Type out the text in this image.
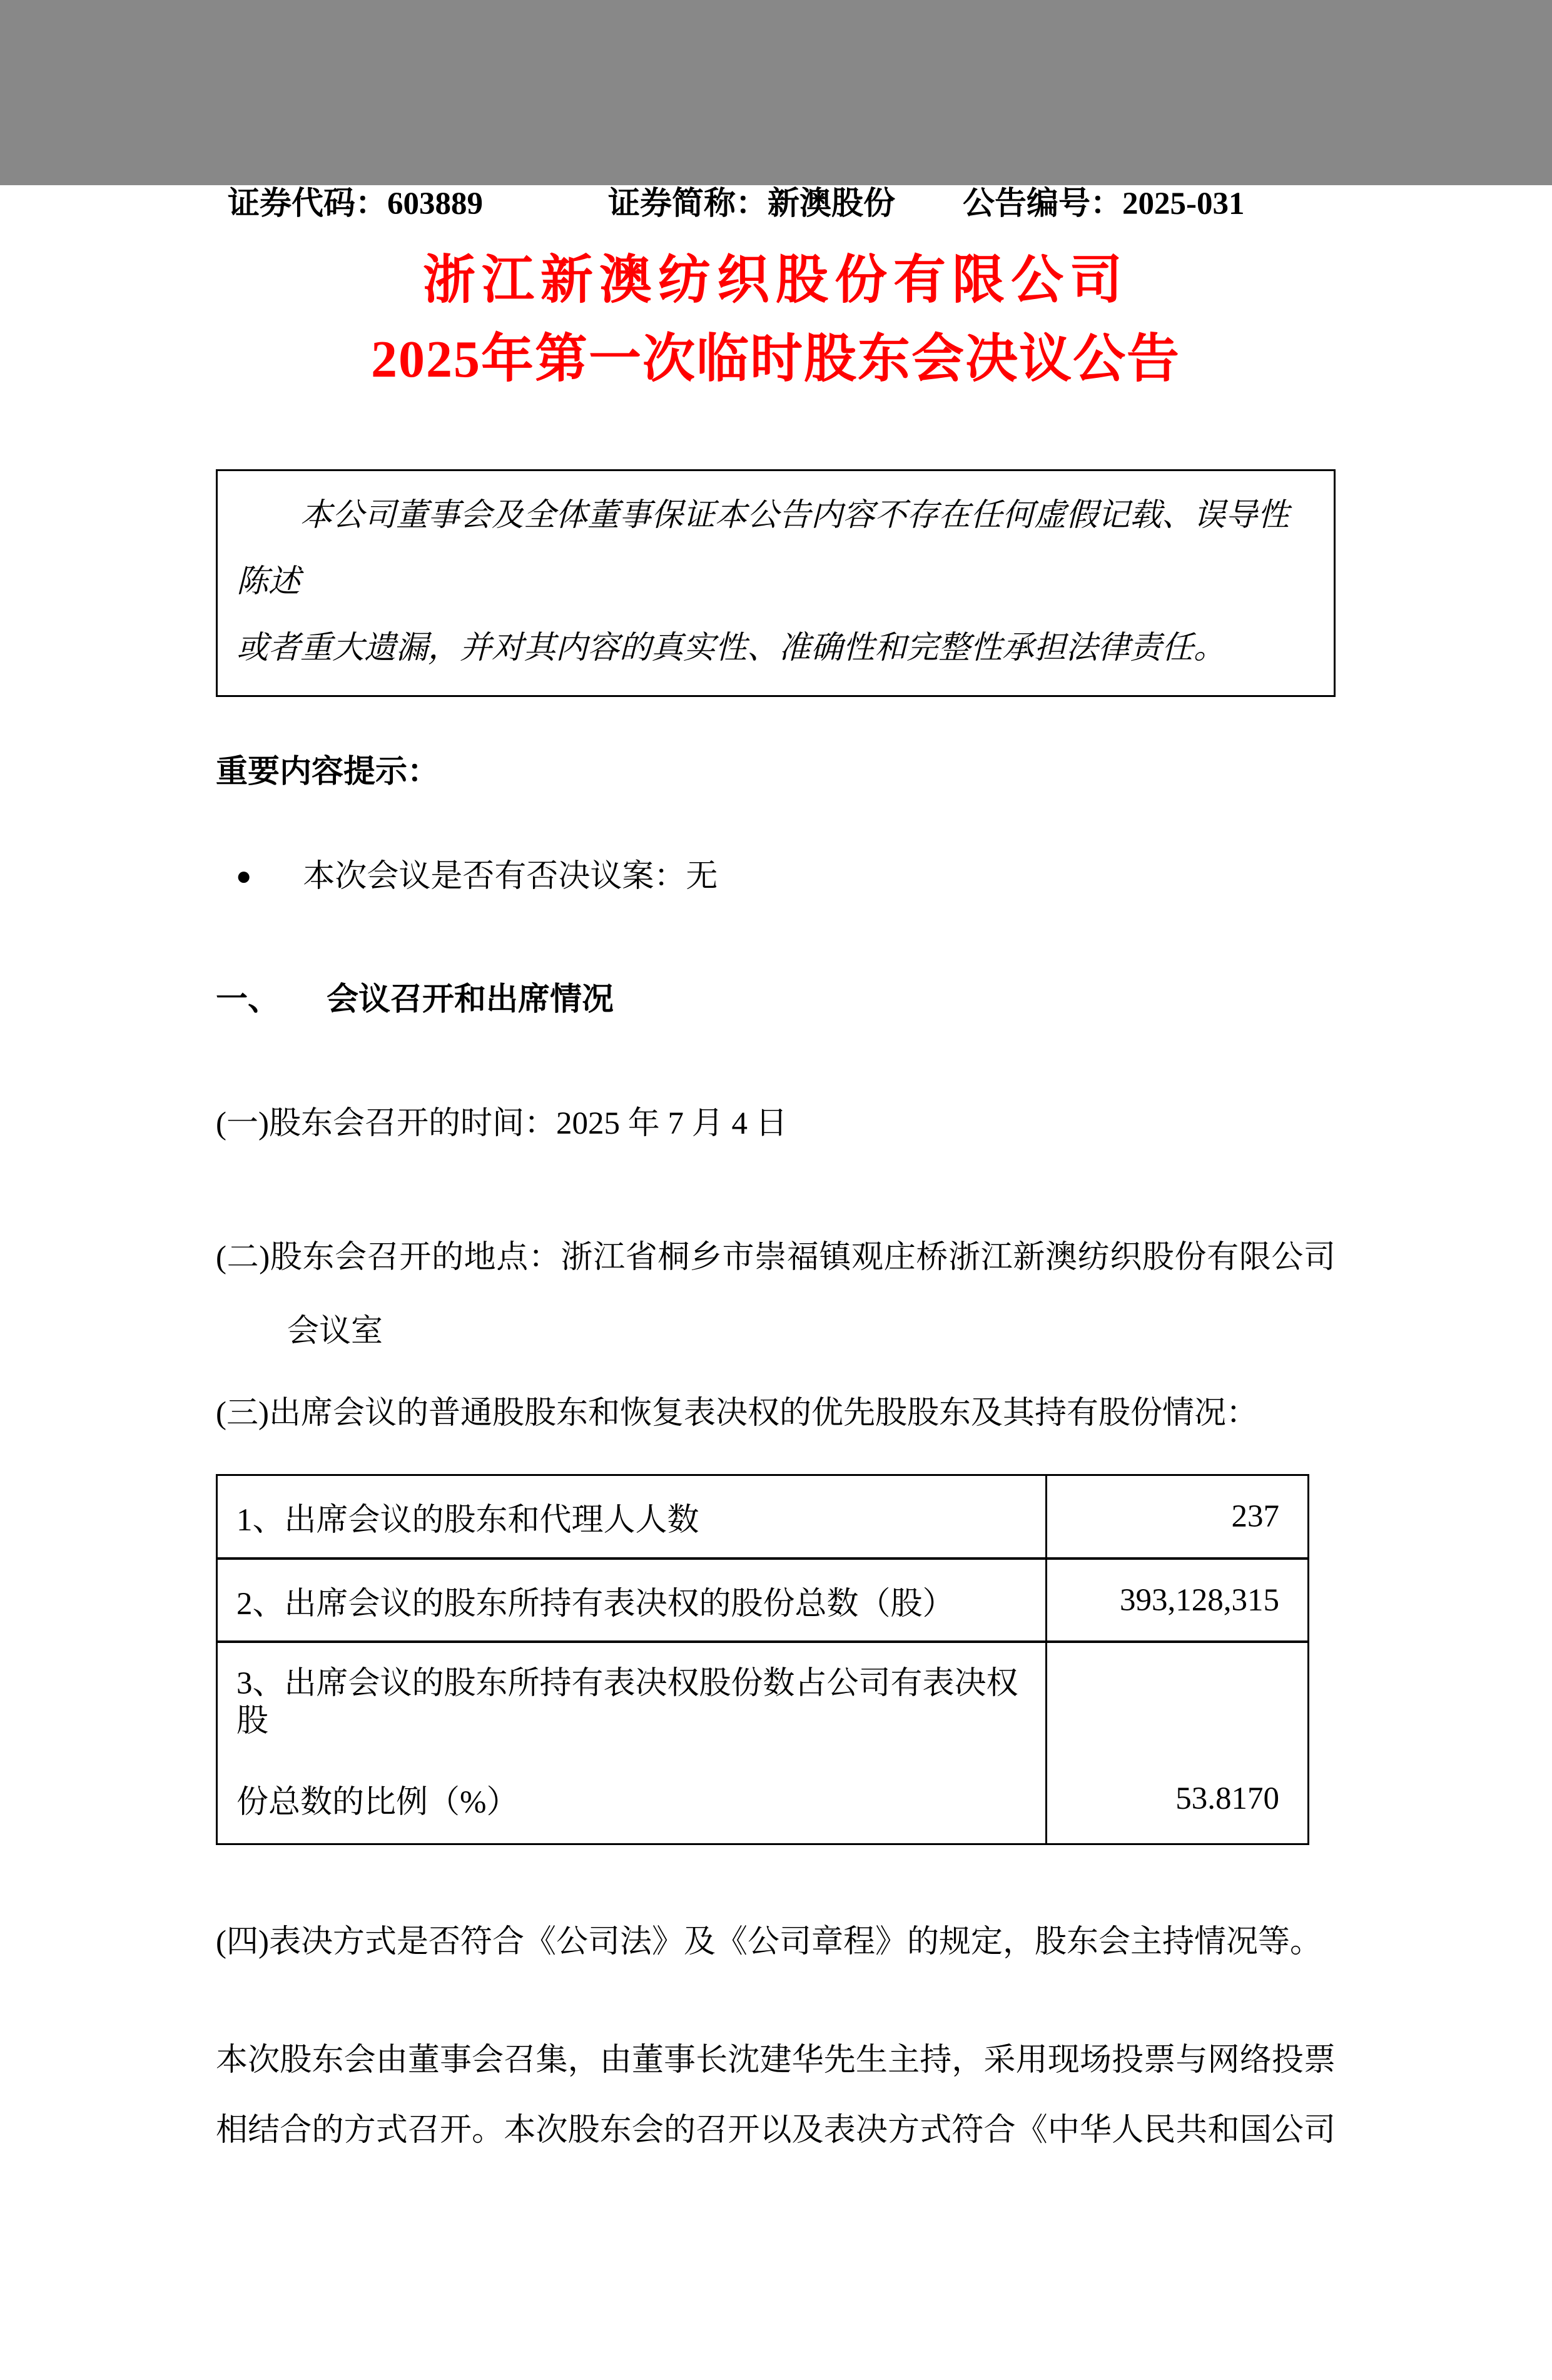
证券代码：603889	证券简称：新澳股份 公告编号：2025-031
浙江新澳纺织股份有限公司
2025年第一次临时股东会决议公告
本公司董事会及全体董事保证本公告内容不存在任何虚假记载、误导性陈述
或者重大遗漏，并对其内容的真实性、准确性和完整性承担法律责任。
重要内容提示：
● 本次会议是否有否决议案：无
一、 会议召开和出席情况
(一)股东会召开的时间：2025 年 7 月 4 日
(二)股东会召开的地点：浙江省桐乡市崇福镇观庄桥浙江新澳纺织股份有限公司
会议室
(三)出席会议的普通股股东和恢复表决权的优先股股东及其持有股份情况：
1、出席会议的股东和代理人人数	237
2、出席会议的股东所持有表决权的股份总数（股）	393,128,315

3、出席会议的股东所持有表决权股份数占公司有表决权股
份总数的比例（%）	53.8170
(四)表决方式是否符合《公司法》及《公司章程》的规定，股东会主持情况等。
本次股东会由董事会召集，由董事长沈建华先生主持，采用现场投票与网络投票
相结合的方式召开。本次股东会的召开以及表决方式符合《中华人民共和国公司
